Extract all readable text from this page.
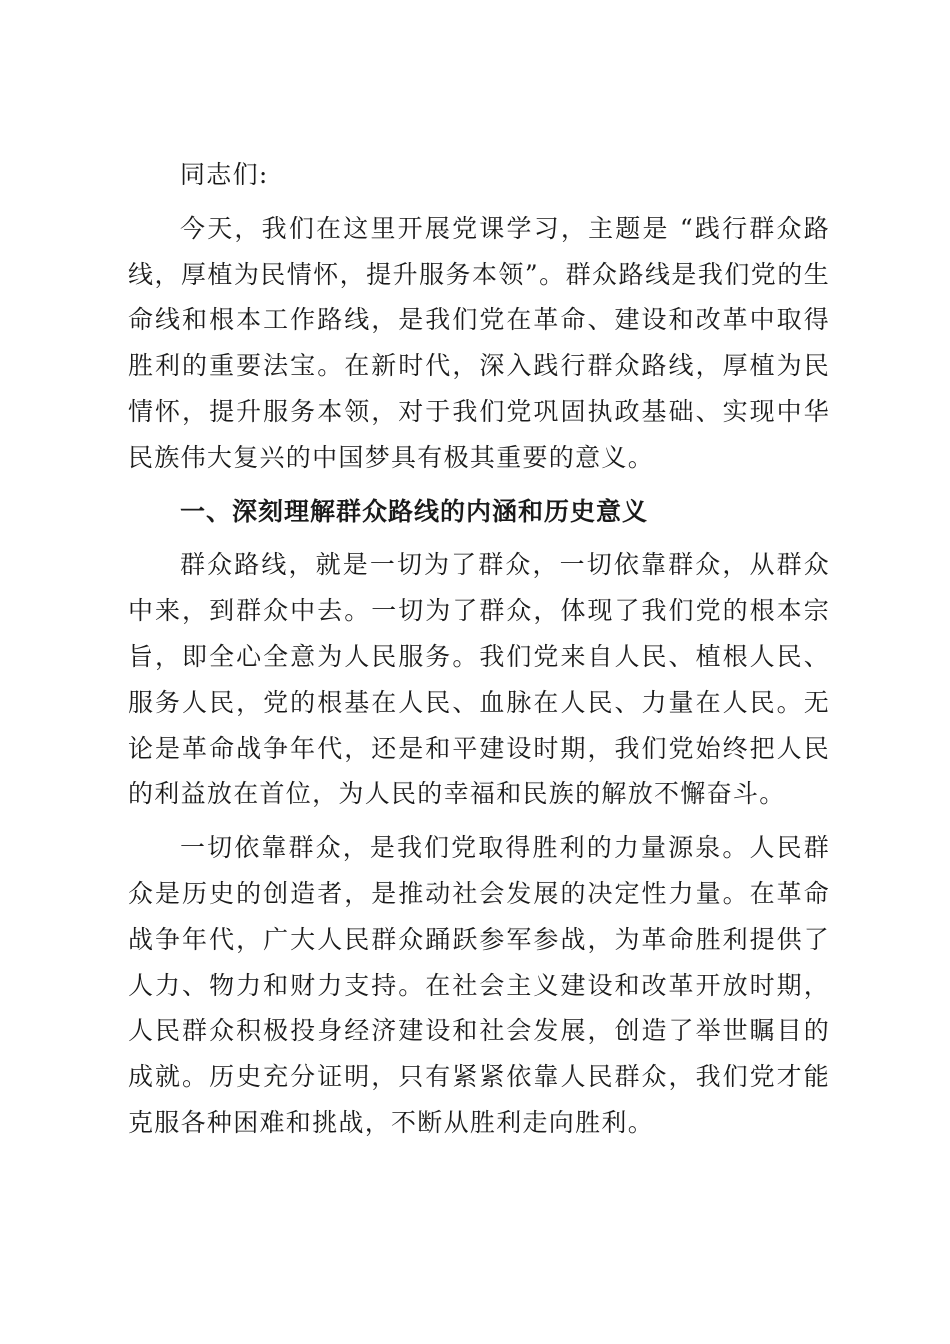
同志们:

今天，我们在这里开展党课学习，主题是 “践行群众路线，厚植为民情怀，提升服务本领”。群众路线是我们党的生命线和根本工作路线，是我们党在革命、建设和改革中取得胜利的重要法宝。在新时代，深入践行群众路线，厚植为民情怀，提升服务本领，对于我们党巩固执政基础、实现中华民族伟大复兴的中国梦具有极其重要的意义。

一、深刻理解群众路线的内涵和历史意义

群众路线，就是一切为了群众，一切依靠群众，从群众中来，到群众中去。一切为了群众，体现了我们党的根本宗旨，即全心全意为人民服务。我们党来自人民、植根人民、服务人民，党的根基在人民、血脉在人民、力量在人民。无论是革命战争年代，还是和平建设时期，我们党始终把人民的利益放在首位，为人民的幸福和民族的解放不懈奋斗。

一切依靠群众，是我们党取得胜利的力量源泉。人民群众是历史的创造者，是推动社会发展的决定性力量。在革命战争年代，广大人民群众踊跃参军参战，为革命胜利提供了人力、物力和财力支持。在社会主义建设和改革开放时期，人民群众积极投身经济建设和社会发展，创造了举世瞩目的成就。历史充分证明，只有紧紧依靠人民群众，我们党才能克服各种困难和挑战，不断从胜利走向胜利。
